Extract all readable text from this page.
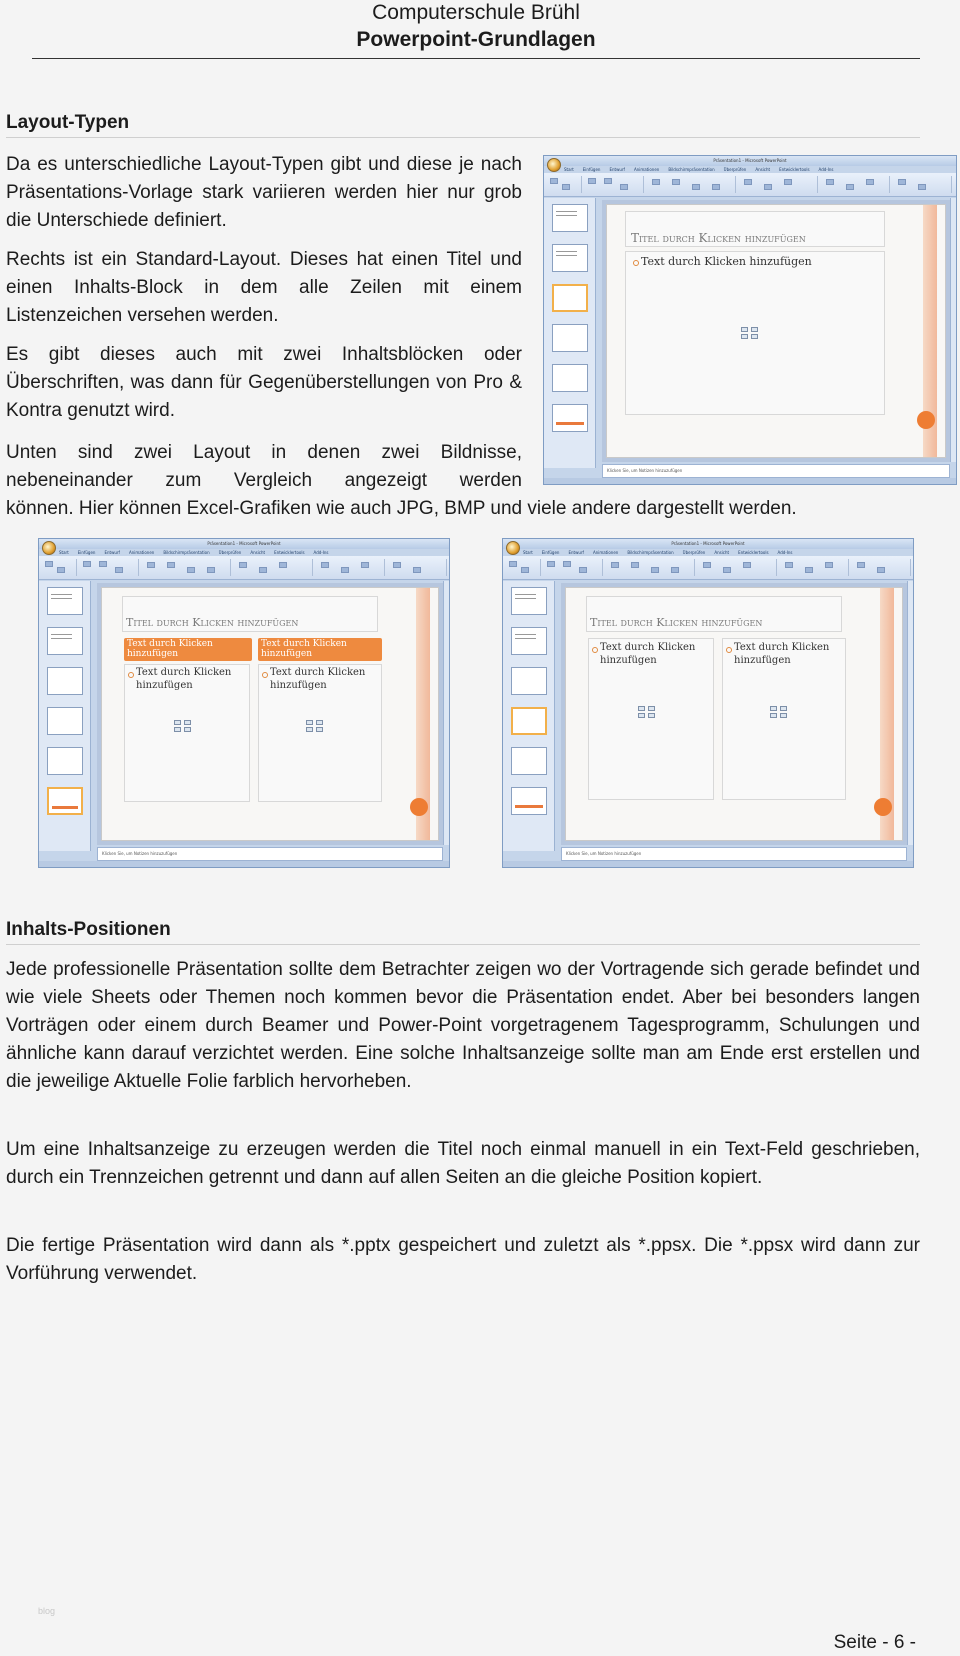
Computerschule Brühl
Powerpoint-Grundlagen
Layout-Typen

Da es unterschiedliche Layout-Typen gibt und diese je nach Präsentations-Vorlage stark variieren werden hier nur grob die Unterschiede definiert.

Rechts ist ein Standard-Layout. Dieses hat einen Titel und einen Inhalts-Block in dem alle Zeilen mit einem Listenzeichen versehen werden.

Es gibt dieses auch mit zwei Inhaltsblöcken oder Überschriften, was dann für Gegenüberstellungen von Pro & Kontra genutzt wird.

Unten sind zwei Layout in denen zwei Bildnisse, nebeneinander zum Vergleich angezeigt werden

können. Hier können Excel-Grafiken wie auch JPG, BMP und viele andere dargestellt werden.

Präsentation1 - Microsoft PowerPoint
Start Einfügen Entwurf Animationen Bildschirmpräsentation Überprüfen Ansicht Entwicklertools Add-Ins
Titel durch Klicken hinzufügen
Text durch Klicken hinzufügen
Klicken Sie, um Notizen hinzuzufügen
Präsentation1 - Microsoft PowerPoint
Start Einfügen Entwurf Animationen Bildschirmpräsentation Überprüfen Ansicht Entwicklertools Add-Ins
Titel durch Klicken hinzufügen
Text durch Klicken hinzufügen
Text durch Klicken hinzufügen
Text durch Klicken hinzufügen
Text durch Klicken hinzufügen
Klicken Sie, um Notizen hinzuzufügen
Präsentation1 - Microsoft PowerPoint
Start Einfügen Entwurf Animationen Bildschirmpräsentation Überprüfen Ansicht Entwicklertools Add-Ins
Titel durch Klicken hinzufügen
Text durch Klicken hinzufügen
Text durch Klicken hinzufügen
Klicken Sie, um Notizen hinzuzufügen
Inhalts-Positionen

Jede professionelle Präsentation sollte dem Betrachter zeigen wo der Vortragende sich gerade befindet und wie viele Sheets oder Themen noch kommen bevor die Präsentation endet. Aber bei besonders langen Vorträgen oder einem durch Beamer und Power-Point vorgetragenem Tagesprogramm, Schulungen und ähnliche kann darauf verzichtet werden. Eine solche Inhaltsanzeige sollte man am Ende erst erstellen und die jeweilige Aktuelle Folie farblich hervorheben.

Um eine Inhaltsanzeige zu erzeugen werden die Titel noch einmal manuell in ein Text-Feld geschrieben, durch ein Trennzeichen getrennt und dann auf allen Seiten an die gleiche Position kopiert.

Die fertige Präsentation wird dann als *.pptx gespeichert und zuletzt als *.ppsx. Die *.ppsx wird dann zur Vorführung verwendet.

blog
Seite - 6 -
